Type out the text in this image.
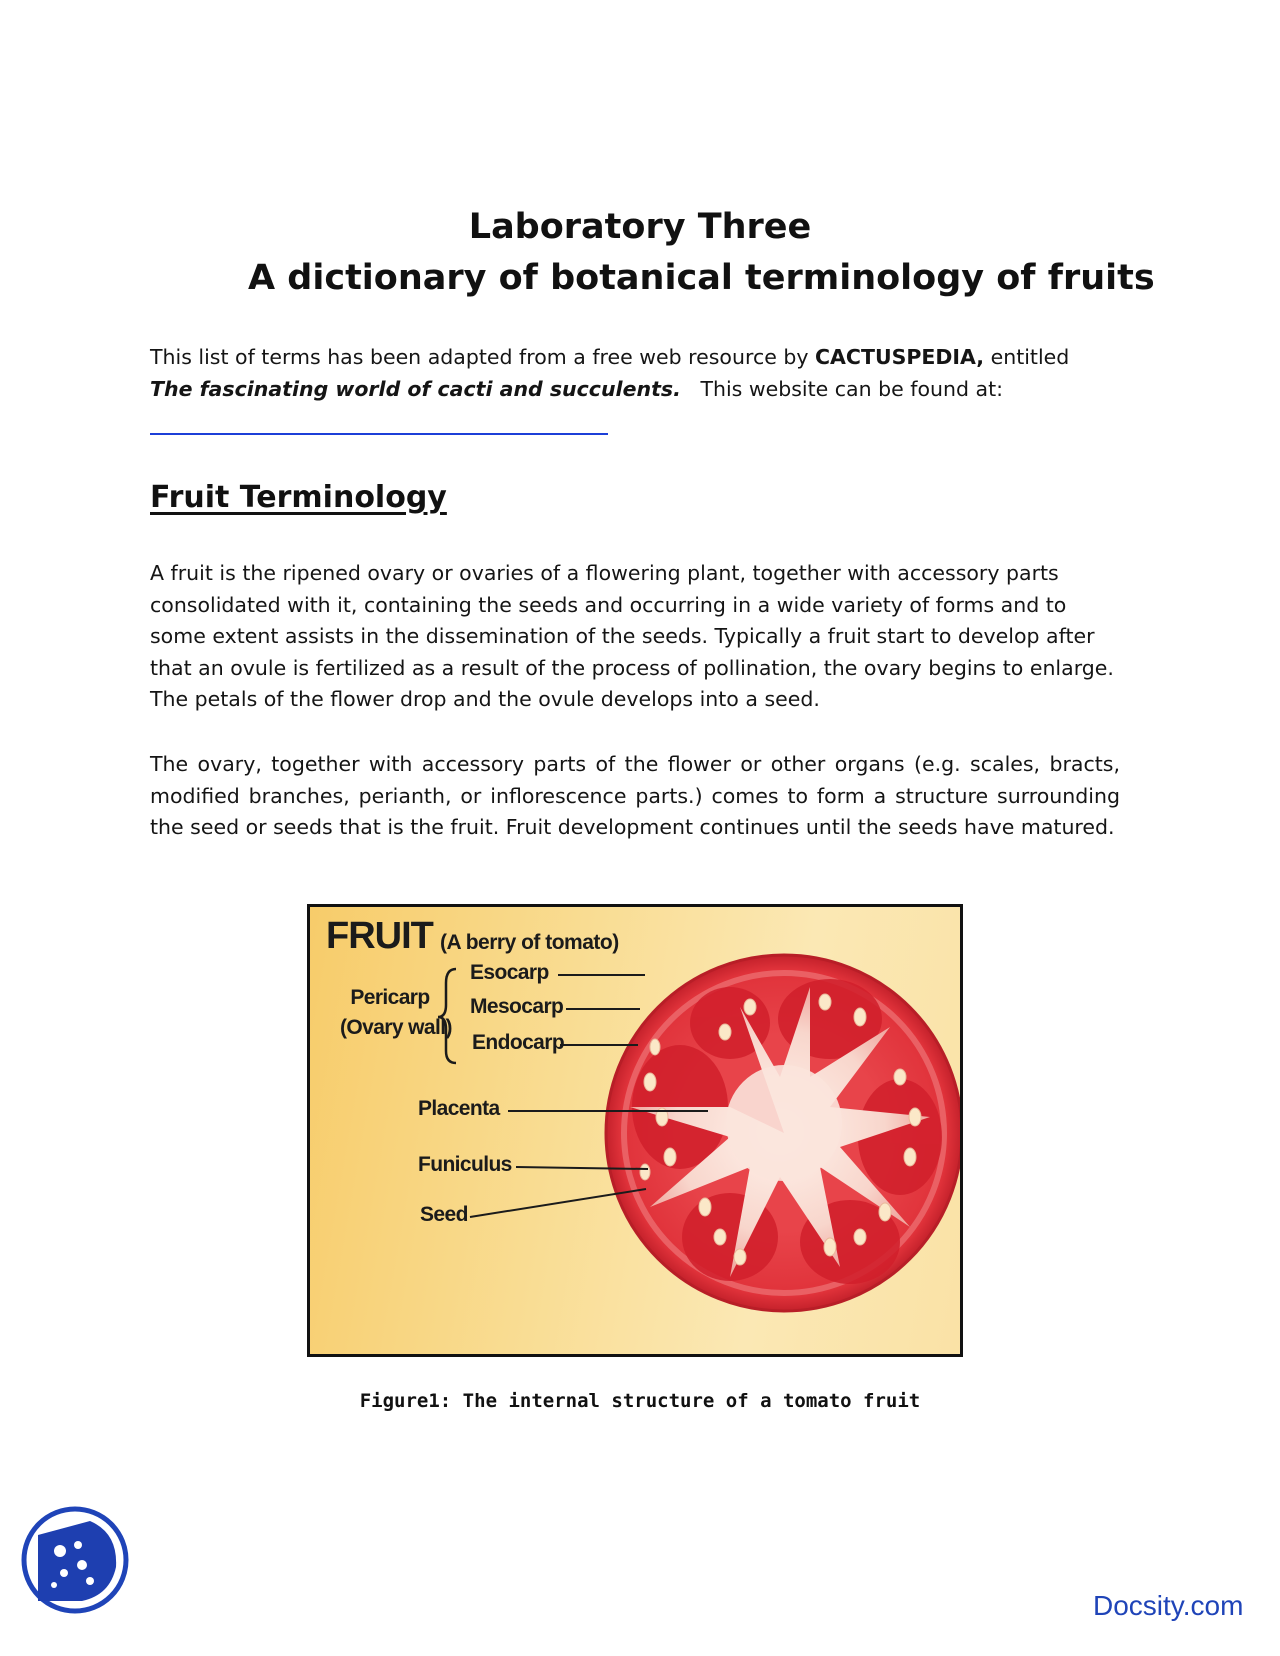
Laboratory Three
A dictionary of botanical terminology of fruits
This list of terms has been adapted from a free web resource by CACTUSPEDIA, entitled
The fascinating world of cacti and succulents. This website can be found at:
Fruit Terminology
A fruit is the ripened ovary or ovaries of a flowering plant, together with accessory parts consolidated with it, containing the seeds and occurring in a wide variety of forms and to some extent assists in the dissemination of the seeds. Typically a fruit start to develop after that an ovule is fertilized as a result of the process of pollination, the ovary begins to enlarge. The petals of the flower drop and the ovule develops into a seed.
The ovary, together with accessory parts of the flower or other organs (e.g. scales, bracts, modified branches, perianth, or inflorescence parts.) comes to form a structure surrounding the seed or seeds that is the fruit. Fruit development continues until the seeds have matured.
FRUIT (A berry of tomato)
Pericarp
(Ovary wall)
Esocarp
Mesocarp
Endocarp
Placenta
Funiculus
Seed
Figure1: The internal structure of a tomato fruit
Docsity.com
